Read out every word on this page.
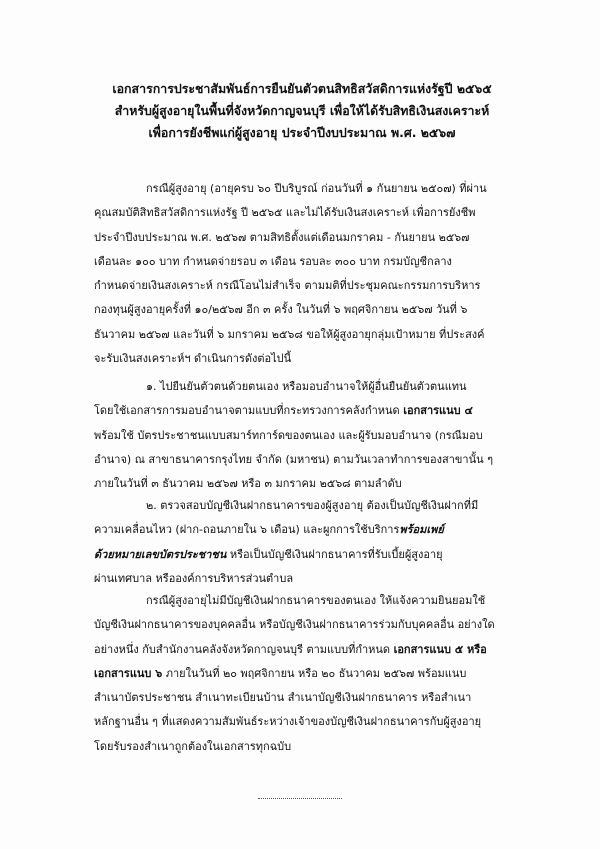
เอกสารการประชาสัมพันธ์การยืนยันตัวตนสิทธิสวัสดิการแห่งรัฐปี ๒๕๖๕
สำหรับผู้สูงอายุในพื้นที่จังหวัดกาญจนบุรี เพื่อให้ได้รับสิทธิเงินสงเคราะห์
เพื่อการยังชีพแก่ผู้สูงอายุ ประจำปีงบประมาณ พ.ศ. ๒๕๖๗
กรณีผู้สูงอายุ (อายุครบ ๖๐ ปีบริบูรณ์ ก่อนวันที่ ๑ กันยายน ๒๕๐๗) ที่ผ่าน
คุณสมบัติสิทธิสวัสดิการแห่งรัฐ ปี ๒๕๖๕ และไม่ได้รับเงินสงเคราะห์ เพื่อการยังชีพ
ประจำปีงบประมาณ พ.ศ. ๒๕๖๗ ตามสิทธิตั้งแต่เดือนมกราคม - กันยายน ๒๕๖๗
เดือนละ ๑๐๐ บาท กำหนดจ่ายรอบ ๓ เดือน รอบละ ๓๐๐ บาท กรมบัญชีกลาง
กำหนดจ่ายเงินสงเคราะห์ กรณีโอนไม่สำเร็จ ตามมติที่ประชุมคณะกรรมการบริหาร
กองทุนผู้สูงอายุครั้งที่ ๑๐/๒๕๖๗ อีก ๓ ครั้ง ในวันที่ ๖ พฤศจิกายน ๒๕๖๗ วันที่ ๖
ธันวาคม ๒๕๖๗ และวันที่ ๖ มกราคม ๒๕๖๘ ขอให้ผู้สูงอายุกลุ่มเป้าหมาย ที่ประสงค์
จะรับเงินสงเคราะห์ฯ ดำเนินการดังต่อไปนี้
๑. ไปยืนยันตัวตนด้วยตนเอง หรือมอบอำนาจให้ผู้อื่นยืนยันตัวตนแทน
โดยใช้เอกสารการมอบอำนาจตามแบบที่กระทรวงการคลังกำหนด เอกสารแนบ ๔
พร้อมใช้ บัตรประชาชนแบบสมาร์ทการ์ดของตนเอง และผู้รับมอบอำนาจ (กรณีมอบ
อำนาจ) ณ สาขาธนาคารกรุงไทย จำกัด (มหาชน) ตามวันเวลาทำการของสาขานั้น ๆ
ภายในวันที่ ๓ ธันวาคม ๒๕๖๗ หรือ ๓ มกราคม ๒๕๖๘ ตามลำดับ
๒. ตรวจสอบบัญชีเงินฝากธนาคารของผู้สูงอายุ ต้องเป็นบัญชีเงินฝากที่มี
ความเคลื่อนไหว (ฝาก-ถอนภายใน ๖ เดือน) และผูกการใช้บริการพร้อมเพย์
ด้วยหมายเลขบัตรประชาชน หรือเป็นบัญชีเงินฝากธนาคารที่รับเบี้ยผู้สูงอายุ
ผ่านเทศบาล หรือองค์การบริหารส่วนตำบล
กรณีผู้สูงอายุไม่มีบัญชีเงินฝากธนาคารของตนเอง ให้แจ้งความยินยอมใช้
บัญชีเงินฝากธนาคารของบุคคลอื่น หรือบัญชีเงินฝากธนาคารร่วมกับบุคคลอื่น อย่างใด
อย่างหนึ่ง กับสำนักงานคลังจังหวัดกาญจนบุรี ตามแบบที่กำหนด เอกสารแนบ ๕ หรือ
เอกสารแนบ ๖ ภายในวันที่ ๒๐ พฤศจิกายน หรือ ๒๐ ธันวาคม ๒๕๖๗ พร้อมแนบ
สำเนาบัตรประชาชน สำเนาทะเบียนบ้าน สำเนาบัญชีเงินฝากธนาคาร หรือสำเนา
หลักฐานอื่น ๆ ที่แสดงความสัมพันธ์ระหว่างเจ้าของบัญชีเงินฝากธนาคารกับผู้สูงอายุ
โดยรับรองสำเนาถูกต้องในเอกสารทุกฉบับ
